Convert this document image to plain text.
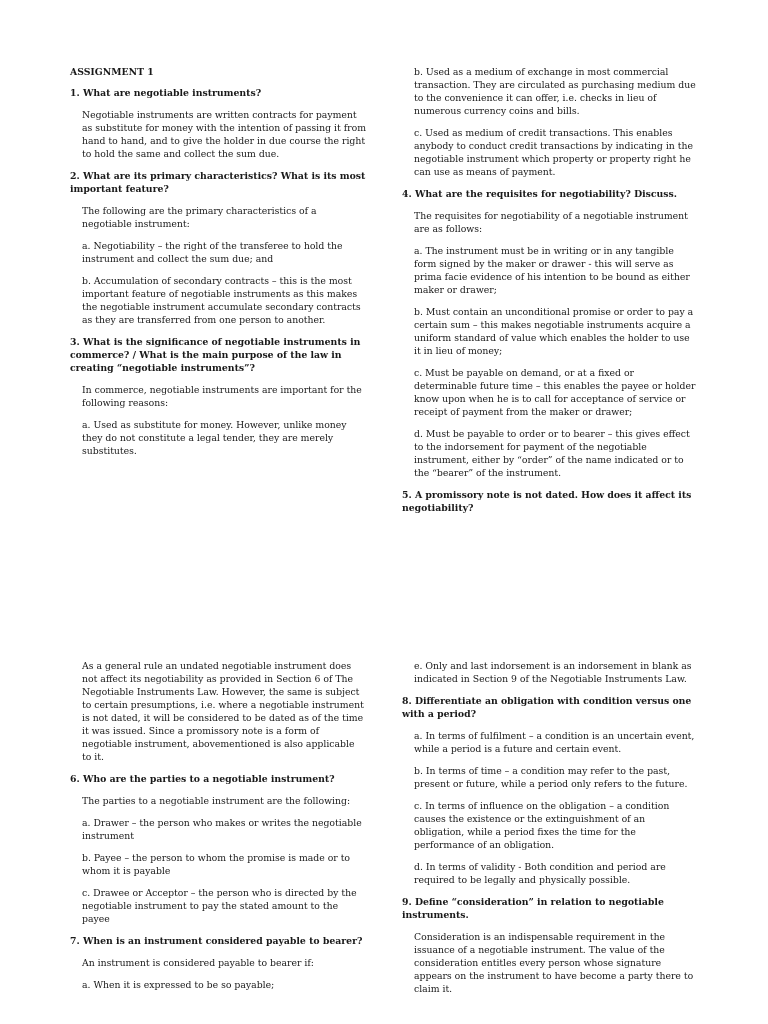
ASSIGNMENT 1

1. What are negotiable instruments?

Negotiable instruments are written contracts for payment as substitute for money with the intention of passing it from hand to hand, and to give the holder in due course the right to hold the same and collect the sum due.

2. What are its primary characteristics? What is its most important feature?

The following are the primary characteristics of a negotiable instrument:

a. Negotiability – the right of the transferee to hold the instrument and collect the sum due; and

b. Accumulation of secondary contracts – this is the most important feature of negotiable instruments as this makes the negotiable instrument accumulate secondary contracts as they are transferred from one person to another.

3. What is the significance of negotiable instruments in commerce? / What is the main purpose of the law in creating “negotiable instruments”?

In commerce, negotiable instruments are important for the following reasons:

a. Used as substitute for money. However, unlike money they do not constitute a legal tender, they are merely substitutes.

b. Used as a medium of exchange in most commercial transaction. They are circulated as purchasing medium due to the convenience it can offer, i.e. checks in lieu of numerous currency coins and bills.

c. Used as medium of credit transactions. This enables anybody to conduct credit transactions by indicating in the negotiable instrument which property or property right he can use as means of payment.

4. What are the requisites for negotiability? Discuss.

The requisites for negotiability of a negotiable instrument are as follows:

a. The instrument must be in writing or in any tangible form signed by the maker or drawer - this will serve as prima facie evidence of his intention to be bound as either maker or drawer;

b. Must contain an unconditional promise or order to pay a certain sum – this makes negotiable instruments acquire a uniform standard of value which enables the holder to use it in lieu of money;

c. Must be payable on demand, or at a fixed or determinable future time – this enables the payee or holder know upon when he is to call for acceptance of service or receipt of payment from the maker or drawer;

d. Must be payable to order or to bearer – this gives effect to the indorsement for payment of the negotiable instrument, either by “order” of the name indicated or to the “bearer” of the instrument.

5. A promissory note is not dated. How does it affect its negotiability?

As a general rule an undated negotiable instrument does not affect its negotiability as provided in Section 6 of The Negotiable Instruments Law. However, the same is subject to certain presumptions, i.e. where a negotiable instrument is not dated, it will be considered to be dated as of the time it was issued. Since a promissory note is a form of negotiable instrument, abovementioned is also applicable to it.

6. Who are the parties to a negotiable instrument?

The parties to a negotiable instrument are the following:

a. Drawer – the person who makes or writes the negotiable instrument

b. Payee – the person to whom the promise is made or to whom it is payable

c. Drawee or Acceptor – the person who is directed by the negotiable instrument to pay the stated amount to the payee

7. When is an instrument considered payable to bearer?

An instrument is considered payable to bearer if:

a. When it is expressed to be so payable;

e. Only and last indorsement is an indorsement in blank as indicated in Section 9 of the Negotiable Instruments Law.

8. Differentiate an obligation with condition versus one with a period?

a. In terms of fulfilment – a condition is an uncertain event, while a period is a future and certain event.

b. In terms of time – a condition may refer to the past, present or future, while a period only refers to the future.

c. In terms of influence on the obligation – a condition causes the existence or the extinguishment of an obligation, while a period fixes the time for the performance of an obligation.

d. In terms of validity - Both condition and period are required to be legally and physically possible.

9. Define “consideration” in relation to negotiable instruments.

Consideration is an indispensable requirement in the issuance of a negotiable instrument. The value of the consideration entitles every person whose signature appears on the instrument to have become a party there to claim it.
